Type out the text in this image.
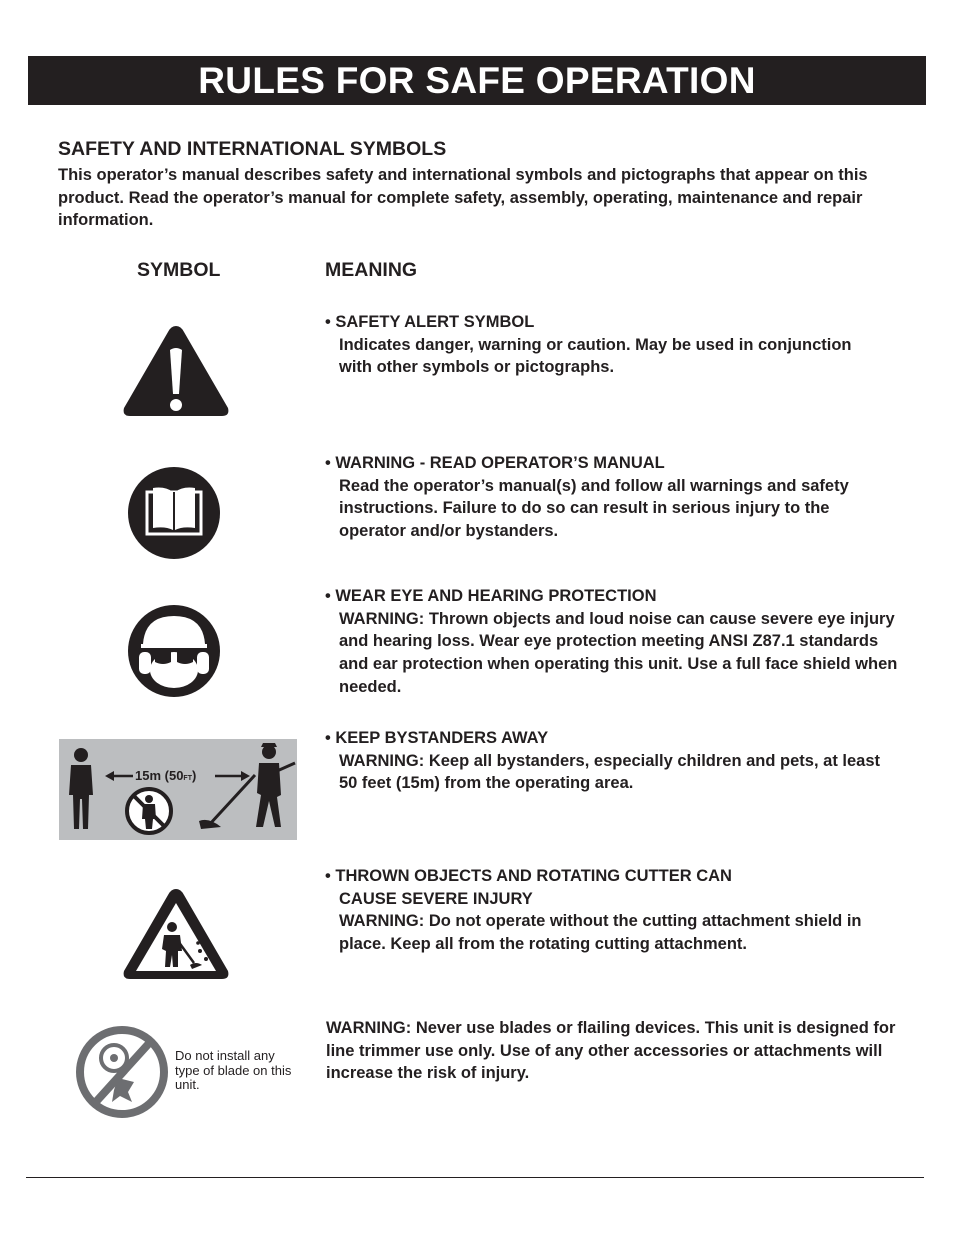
RULES FOR SAFE OPERATION
SAFETY AND INTERNATIONAL SYMBOLS
This operator’s manual describes safety and international symbols and pictographs that appear on this product. Read the operator’s manual for complete safety, assembly, operating, maintenance and repair information.
SYMBOL	MEANING
• SAFETY ALERT SYMBOL
Indicates danger, warning or caution. May be used in conjunction with other symbols or pictographs.
• WARNING - READ OPERATOR’S MANUAL
Read the operator’s manual(s) and follow all warnings and safety instructions. Failure to do so can result in serious injury to the operator and/or bystanders.
• WEAR EYE AND HEARING PROTECTION
WARNING: Thrown objects and loud noise can cause severe eye injury and hearing loss. Wear eye protection meeting ANSI Z87.1 standards and ear protection when operating this unit. Use a full face shield when needed.
15m (50FT)
• KEEP BYSTANDERS AWAY
WARNING: Keep all bystanders, especially children and pets, at least 50 feet (15m) from the operating area.
• THROWN OBJECTS AND ROTATING CUTTER CAN
CAUSE SEVERE INJURY
WARNING: Do not operate without the cutting attachment shield in place. Keep all from the rotating cutting attachment.
Do not install any type of blade on this unit.
WARNING: Never use blades or flailing devices. This unit is designed for line trimmer use only. Use of any other accessories or attachments will increase the risk of injury.
